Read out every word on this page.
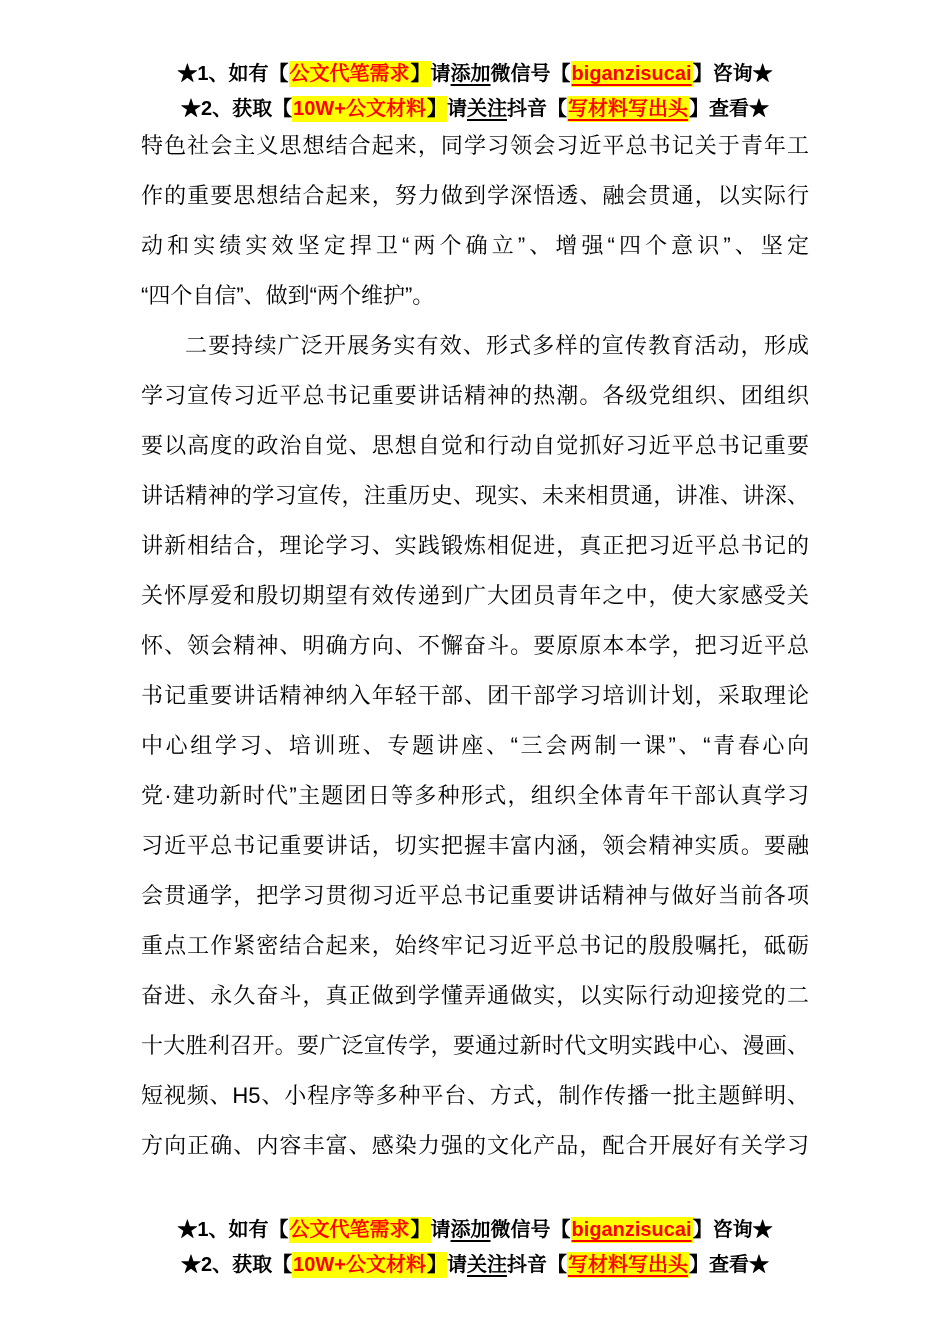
★1、如有【公文代笔需求】请添加微信号【biganzisucai】咨询★
★2、获取【10W+公文材料】请关注抖音【写材料写出头】查看★
特色社会主义思想结合起来，同学习领会习近平总书记关于青年工
作的重要思想结合起来，努力做到学深悟透、融会贯通，以实际行
动和实绩实效坚定捍卫“两个确立”、增强“四个意识”、坚定
“四个自信”、做到“两个维护”。
二要持续广泛开展务实有效、形式多样的宣传教育活动，形成
学习宣传习近平总书记重要讲话精神的热潮。各级党组织、团组织
要以高度的政治自觉、思想自觉和行动自觉抓好习近平总书记重要
讲话精神的学习宣传，注重历史、现实、未来相贯通，讲准、讲深、
讲新相结合，理论学习、实践锻炼相促进，真正把习近平总书记的
关怀厚爱和殷切期望有效传递到广大团员青年之中，使大家感受关
怀、领会精神、明确方向、不懈奋斗。要原原本本学，把习近平总
书记重要讲话精神纳入年轻干部、团干部学习培训计划，采取理论
中心组学习、培训班、专题讲座、“三会两制一课”、“青春心向
党·建功新时代”主题团日等多种形式，组织全体青年干部认真学习
习近平总书记重要讲话，切实把握丰富内涵，领会精神实质。要融
会贯通学，把学习贯彻习近平总书记重要讲话精神与做好当前各项
重点工作紧密结合起来，始终牢记习近平总书记的殷殷嘱托，砥砺
奋进、永久奋斗，真正做到学懂弄通做实，以实际行动迎接党的二
十大胜利召开。要广泛宣传学，要通过新时代文明实践中心、漫画、
短视频、H5、小程序等多种平台、方式，制作传播一批主题鲜明、
方向正确、内容丰富、感染力强的文化产品，配合开展好有关学习
★1、如有【公文代笔需求】请添加微信号【biganzisucai】咨询★
★2、获取【10W+公文材料】请关注抖音【写材料写出头】查看★
